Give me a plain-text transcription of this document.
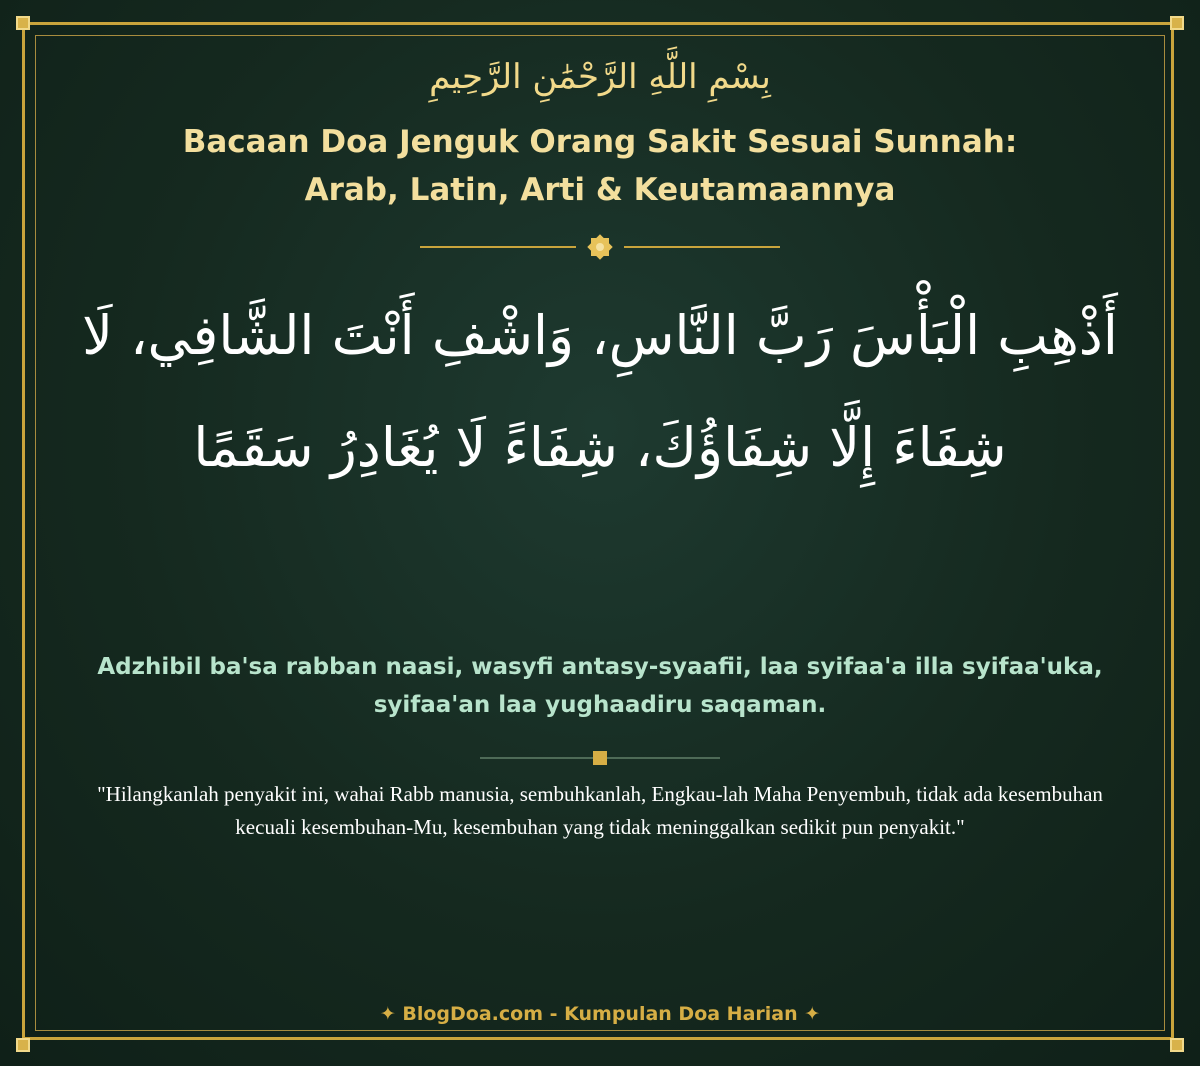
بِسْمِ اللَّهِ الرَّحْمَٰنِ الرَّحِيمِ
Bacaan Doa Jenguk Orang Sakit Sesuai Sunnah:
Arab, Latin, Arti & Keutamaannya
أَذْهِبِ الْبَأْسَ رَبَّ النَّاسِ، وَاشْفِ أَنْتَ الشَّافِي، لَا شِفَاءَ إِلَّا شِفَاؤُكَ، شِفَاءً لَا يُغَادِرُ سَقَمًا
Adzhibil ba'sa rabban naasi, wasyfi antasy-syaafii, laa syifaa'a illa syifaa'uka, syifaa'an laa yughaadiru saqaman.
"Hilangkanlah penyakit ini, wahai Rabb manusia, sembuhkanlah, Engkau-lah Maha Penyembuh, tidak ada kesembuhan kecuali kesembuhan-Mu, kesembuhan yang tidak meninggalkan sedikit pun penyakit."
✦ BlogDoa.com - Kumpulan Doa Harian ✦
